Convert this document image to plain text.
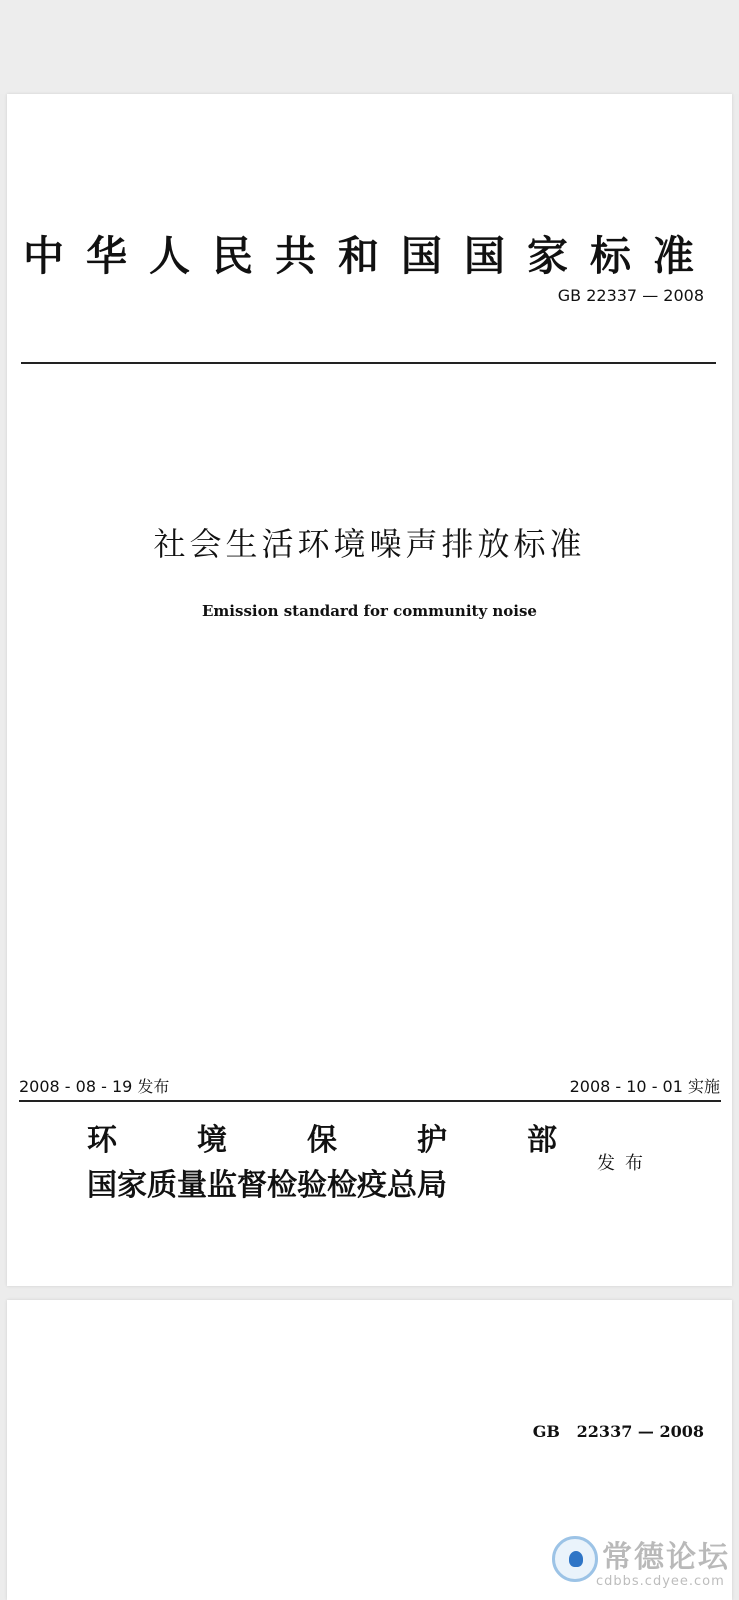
中华人民共和国国家标准
GB 22337 — 2008
社会生活环境噪声排放标准
Emission standard for community noise
2008 - 08 - 19 发布	2008 - 10 - 01 实施
环	境	保	护	部
国家质量监督检验检疫总局
发布
GB   22337 — 2008
常德论坛
cdbbs.cdyee.com
